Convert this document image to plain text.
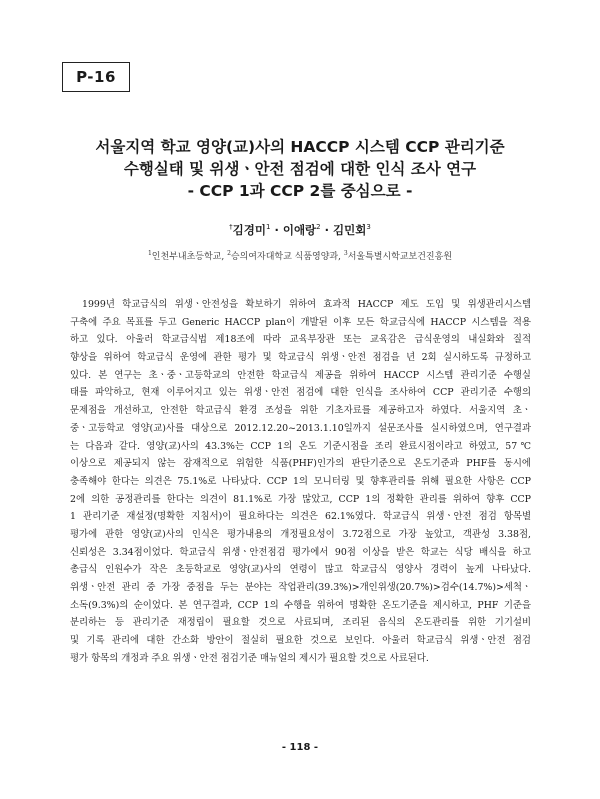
P-16
서울지역 학교 영양(교)사의 HACCP 시스템 CCP 관리기준
수행실태 및 위생ㆍ안전 점검에 대한 인식 조사 연구
- CCP 1과 CCP 2를 중심으로 -
†김경미$^1$ · 이애랑$^2$ · 김민회$^3$
$^1$인천부내초등학교, $^2$승의여자대학교 식품영양과, $^3$서울특별시학교보건진흥원
1999년 학교급식의 위생ㆍ안전성을 확보하기 위하여 효과적 HACCP 제도 도입 및 위생관리시스템
구축에 주요 목표를 두고 Generic HACCP plan이 개발된 이후 모든 학교급식에 HACCP 시스템을 적용
하고 있다. 아울러 학교급식법 제18조에 따라 교육부장관 또는 교육감은 급식운영의 내실화와 질적
향상을 위하여 학교급식 운영에 관한 평가 및 학교급식 위생ㆍ안전 점검을 년 2회 실시하도록 규정하고
있다. 본 연구는 초ㆍ중ㆍ고등학교의 안전한 학교급식 제공을 위하여 HACCP 시스템 관리기준 수행실
태를 파악하고, 현재 이루어지고 있는 위생ㆍ안전 점검에 대한 인식을 조사하여 CCP 관리기준 수행의
문제점을 개선하고, 안전한 학교급식 환경 조성을 위한 기초자료를 제공하고자 하였다. 서울지역 초ㆍ
중ㆍ고등학교 영양(교)사를 대상으로 2012.12.20~2013.1.10일까지 설문조사를 실시하였으며, 연구결과
는 다음과 같다. 영양(교)사의 43.3%는 CCP 1의 온도 기준시점을 조리 완료시점이라고 하였고, 57℃
이상으로 제공되지 않는 잠재적으로 위험한 식품(PHF)인가의 판단기준으로 온도기준과 PHF를 동시에
충족해야 한다는 의견은 75.1%로 나타났다. CCP 1의 모니터링 및 향후관리를 위해 필요한 사항은 CCP
2에 의한 공정관리를 한다는 의견이 81.1%로 가장 많았고, CCP 1의 정확한 관리를 위하여 향후 CCP
1 관리기준 재설정(명확한 지침서)이 필요하다는 의견은 62.1%였다. 학교급식 위생ㆍ안전 점검 항목별
평가에 관한 영양(교)사의 인식은 평가내용의 개정필요성이 3.72점으로 가장 높았고, 객관성 3.38점,
신뢰성은 3.34점이었다. 학교급식 위생ㆍ안전점검 평가에서 90점 이상을 받은 학교는 식당 배식을 하고
총급식 인원수가 작은 초등학교로 영양(교)사의 연령이 많고 학교급식 영양사 경력이 높게 나타났다.
위생ㆍ안전 관리 중 가장 중점을 두는 분야는 작업관리(39.3%)>개인위생(20.7%)>검수(14.7%)>세척ㆍ
소독(9.3%)의 순이었다. 본 연구결과, CCP 1의 수행을 위하여 명확한 온도기준을 제시하고, PHF 기준을
분리하는 등 관리기준 재정립이 필요할 것으로 사료되며, 조리된 음식의 온도관리를 위한 기기설비
및 기록 관리에 대한 간소화 방안이 절실히 필요한 것으로 보인다. 아울러 학교급식 위생ㆍ안전 점검
평가 항목의 개정과 주요 위생ㆍ안전 점검기준 매뉴얼의 제시가 필요할 것으로 사료된다.
- 118 -
